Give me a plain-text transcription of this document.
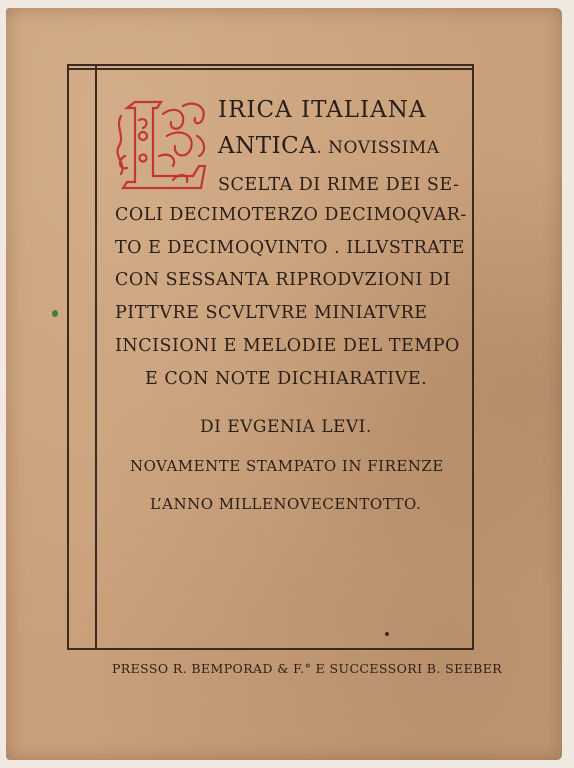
IRICA ITALIANA
ANTICA. NOVISSIMA
SCELTA DI RIME DEI SE-
COLI DECIMOTERZO DECIMOQVAR-
TO E DECIMOQVINTO . ILLVSTRATE
CON SESSANTA RIPRODVZIONI DI
PITTVRE SCVLTVRE MINIATVRE
INCISIONI E MELODIE DEL TEMPO
E CON NOTE DICHIARATIVE.
DI EVGENIA LEVI.
NOVAMENTE STAMPATO IN FIRENZE
L’ANNO MILLENOVECENTOTTO.
PRESSO R. BEMPORAD & F.° E SUCCESSORI B. SEEBER
